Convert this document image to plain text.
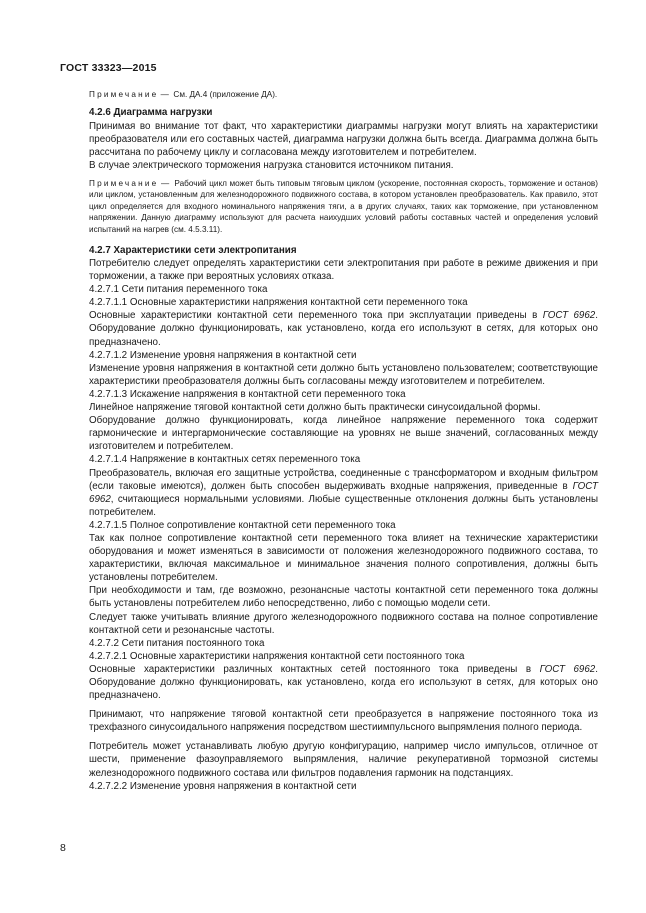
ГОСТ 33323—2015

Примечание — См. ДА.4 (приложение ДА).

4.2.6 Диаграмма нагрузки

Принимая во внимание тот факт, что характеристики диаграммы нагрузки могут влиять на характеристики преобразователя или его составных частей, диаграмма нагрузки должна быть всегда. Диаграмма должна быть рассчитана по рабочему циклу и согласована между изготовителем и потребителем.

В случае электрического торможения нагрузка становится источником питания.

Примечание — Рабочий цикл может быть типовым тяговым циклом (ускорение, постоянная скорость, торможение и останов) или циклом, установленным для железнодорожного подвижного состава, в котором установлен преобразователь. Как правило, этот цикл определяется для входного номинального напряжения тяги, а в других случаях, таких как торможение, при установленном напряжении. Данную диаграмму используют для расчета наихудших условий работы составных частей и определения условий испытаний на нагрев (см. 4.5.3.11).

4.2.7 Характеристики сети электропитания

Потребителю следует определять характеристики сети электропитания при работе в режиме движения и при торможении, а также при вероятных условиях отказа.

4.2.7.1 Сети питания переменного тока

4.2.7.1.1 Основные характеристики напряжения контактной сети переменного тока

Основные характеристики контактной сети переменного тока при эксплуатации приведены в ГОСТ 6962. Оборудование должно функционировать, как установлено, когда его используют в сетях, для которых оно предназначено.

4.2.7.1.2 Изменение уровня напряжения в контактной сети

Изменение уровня напряжения в контактной сети должно быть установлено пользователем; соответствующие характеристики преобразователя должны быть согласованы между изготовителем и потребителем.

4.2.7.1.3 Искажение напряжения в контактной сети переменного тока

Линейное напряжение тяговой контактной сети должно быть практически синусоидальной формы.

Оборудование должно функционировать, когда линейное напряжение переменного тока содержит гармонические и интергармонические составляющие на уровнях не выше значений, согласованных между изготовителем и потребителем.

4.2.7.1.4 Напряжение в контактных сетях переменного тока

Преобразователь, включая его защитные устройства, соединенные с трансформатором и входным фильтром (если таковые имеются), должен быть способен выдерживать входные напряжения, приведенные в ГОСТ 6962, считающиеся нормальными условиями. Любые существенные отклонения должны быть установлены потребителем.

4.2.7.1.5 Полное сопротивление контактной сети переменного тока

Так как полное сопротивление контактной сети переменного тока влияет на технические характеристики оборудования и может изменяться в зависимости от положения железнодорожного подвижного состава, то характеристики, включая максимальное и минимальное значения полного сопротивления, должны быть установлены потребителем.

При необходимости и там, где возможно, резонансные частоты контактной сети переменного тока должны быть установлены потребителем либо непосредственно, либо с помощью модели сети.

Следует также учитывать влияние другого железнодорожного подвижного состава на полное сопротивление контактной сети и резонансные частоты.

4.2.7.2 Сети питания постоянного тока

4.2.7.2.1 Основные характеристики напряжения контактной сети постоянного тока

Основные характеристики различных контактных сетей постоянного тока приведены в ГОСТ 6962. Оборудование должно функционировать, как установлено, когда его используют в сетях, для которых оно предназначено.

Принимают, что напряжение тяговой контактной сети преобразуется в напряжение постоянного тока из трехфазного синусоидального напряжения посредством шестиимпульсного выпрямления полного периода.

Потребитель может устанавливать любую другую конфигурацию, например число импульсов, отличное от шести, применение фазоуправляемого выпрямления, наличие рекуперативной тормозной системы железнодорожного подвижного состава или фильтров подавления гармоник на подстанциях.

4.2.7.2.2 Изменение уровня напряжения в контактной сети

8
